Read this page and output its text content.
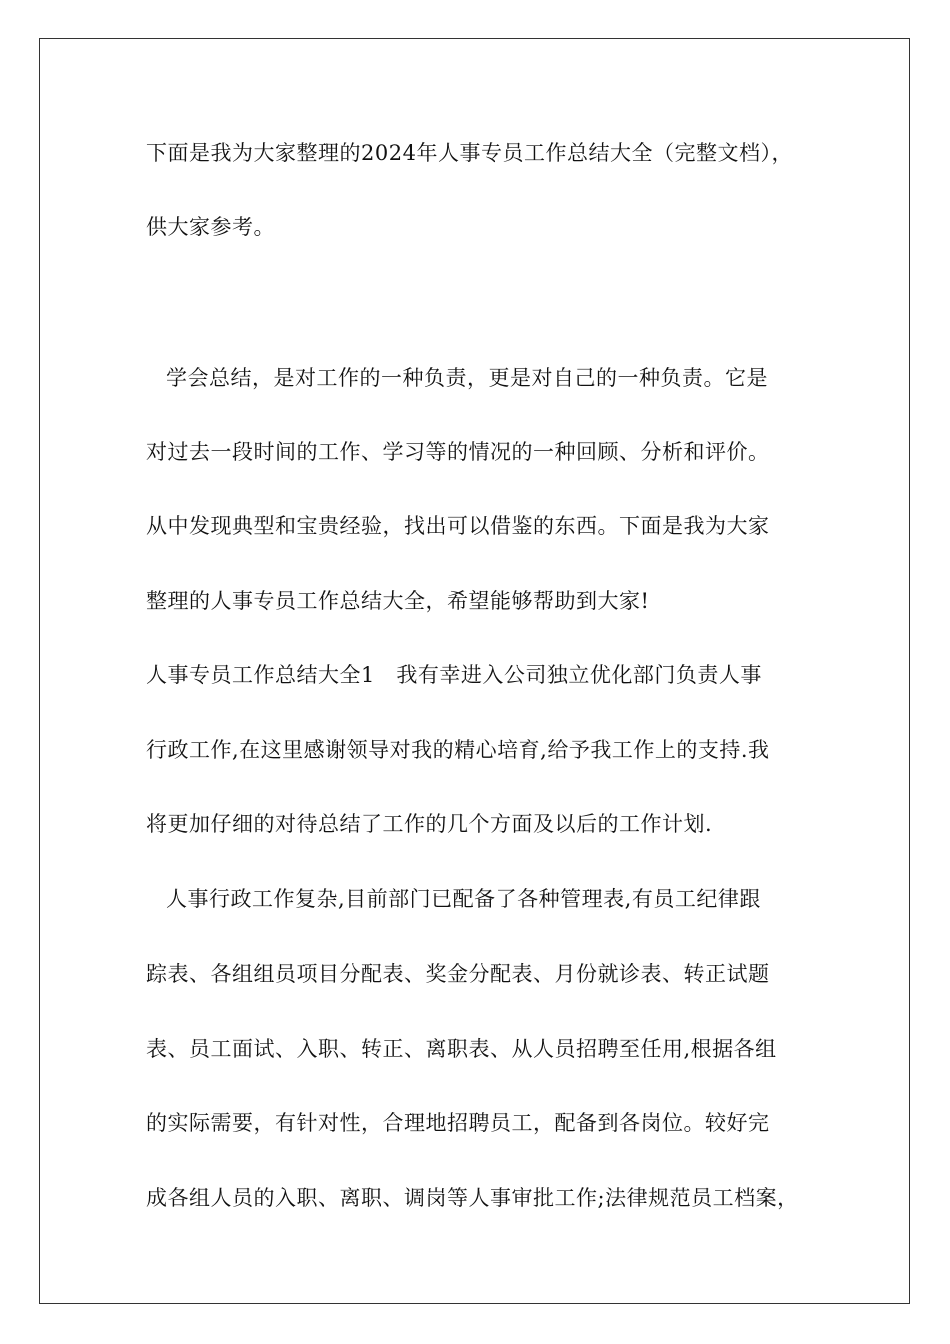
下面是我为大家整理的2024年人事专员工作总结大全（完整文档），
供大家参考。
学会总结，是对工作的一种负责，更是对自己的一种负责。它是
对过去一段时间的工作、学习等的情况的一种回顾、分析和评价。
从中发现典型和宝贵经验，找出可以借鉴的东西。下面是我为大家
整理的人事专员工作总结大全，希望能够帮助到大家!
人事专员工作总结大全1　我有幸进入公司独立优化部门负责人事
行政工作,在这里感谢领导对我的精心培育,给予我工作上的支持.我
将更加仔细的对待总结了工作的几个方面及以后的工作计划.
人事行政工作复杂,目前部门已配备了各种管理表,有员工纪律跟
踪表、各组组员项目分配表、奖金分配表、月份就诊表、转正试题
表、员工面试、入职、转正、离职表、从人员招聘至任用,根据各组
的实际需要，有针对性，合理地招聘员工，配备到各岗位。较好完
成各组人员的入职、离职、调岗等人事审批工作;法律规范员工档案，
